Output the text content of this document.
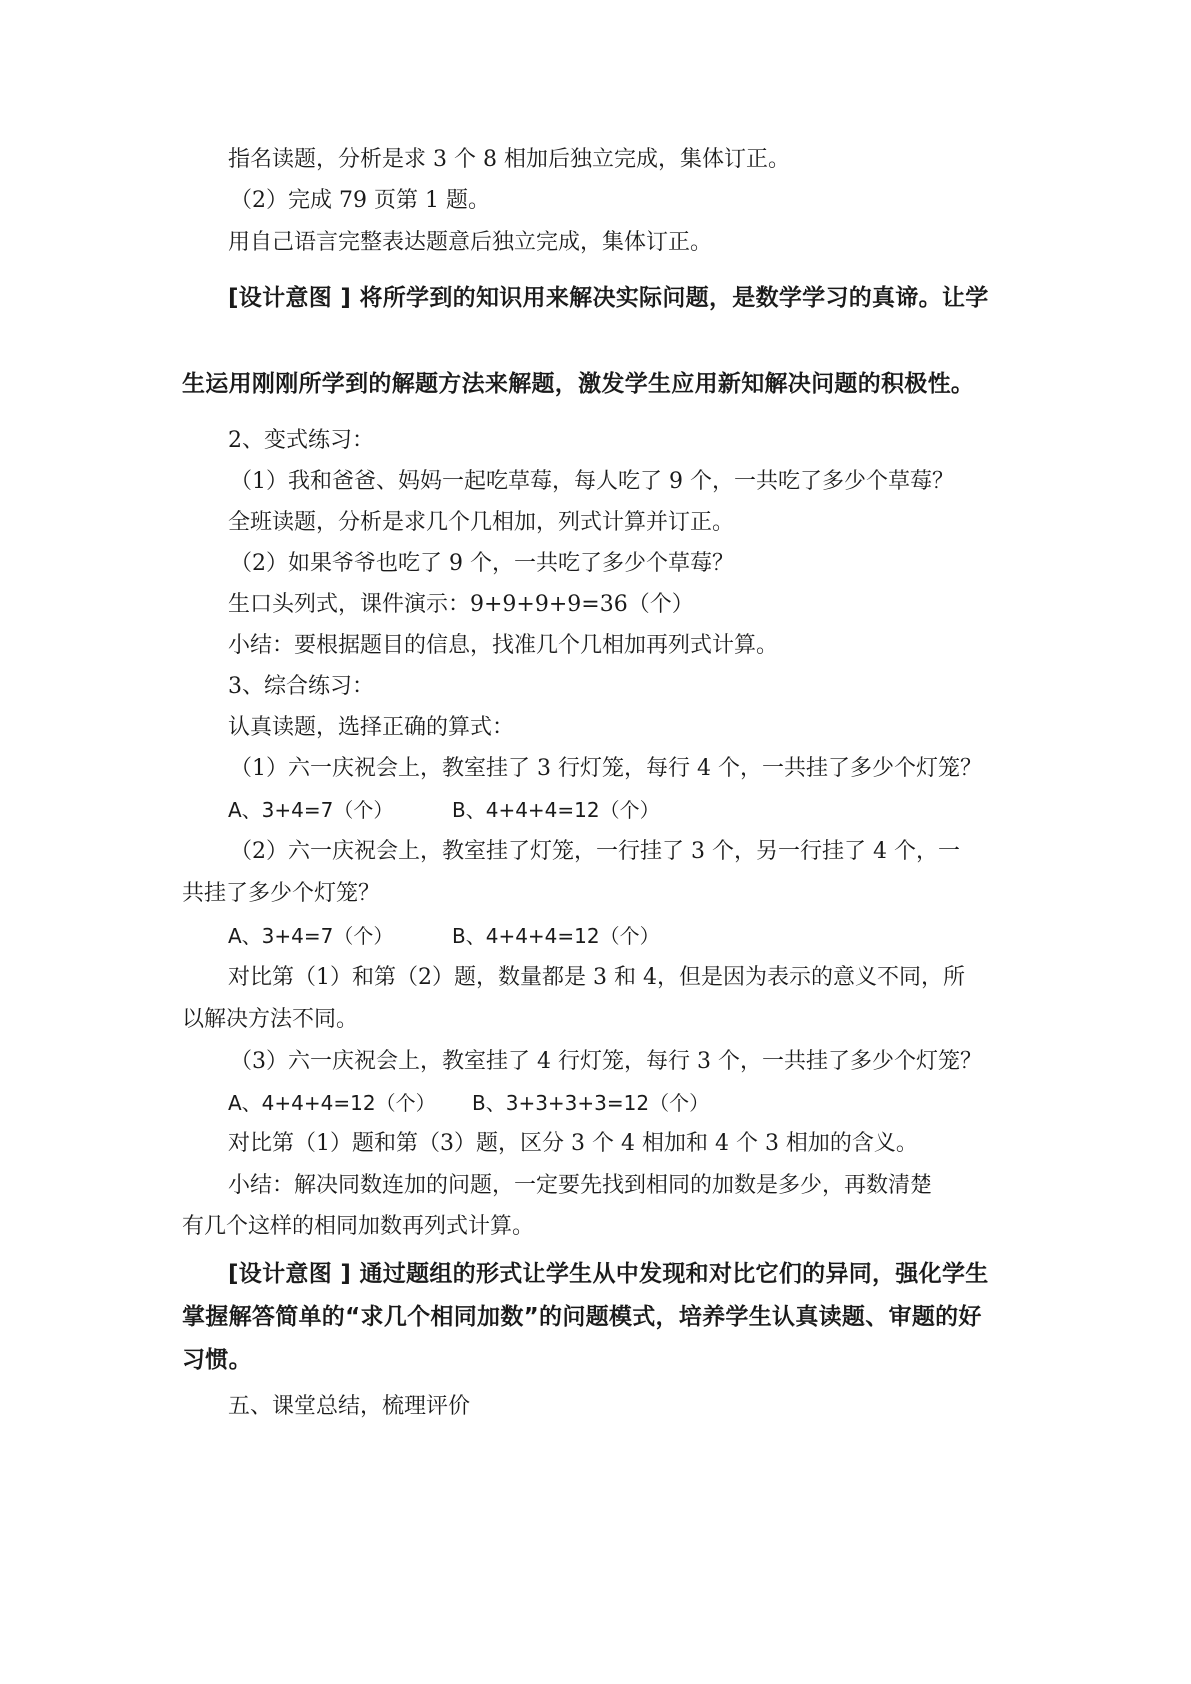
指名读题，分析是求 3 个 8 相加后独立完成，集体订正。
（2）完成 79 页第 1 题。
用自己语言完整表达题意后独立完成，集体订正。
[设计意图 ] 将所学到的知识用来解决实际问题，是数学学习的真谛。让学
生运用刚刚所学到的解题方法来解题，激发学生应用新知解决问题的积极性。
2、变式练习：
（1）我和爸爸、妈妈一起吃草莓，每人吃了 9 个，一共吃了多少个草莓？
全班读题，分析是求几个几相加，列式计算并订正。
（2）如果爷爷也吃了 9 个，一共吃了多少个草莓？
生口头列式，课件演示：9+9+9+9=36（个）
小结：要根据题目的信息，找准几个几相加再列式计算。
3、综合练习：
认真读题，选择正确的算式：
（1）六一庆祝会上，教室挂了 3 行灯笼，每行 4 个，一共挂了多少个灯笼？
A、3+4=7（个）	B、4+4+4=12（个）
（2）六一庆祝会上，教室挂了灯笼，一行挂了 3 个，另一行挂了 4 个，一
共挂了多少个灯笼？
A、3+4=7（个）	B、4+4+4=12（个）
对比第（1）和第（2）题，数量都是 3 和 4，但是因为表示的意义不同，所
以解决方法不同。
（3）六一庆祝会上，教室挂了 4 行灯笼，每行 3 个，一共挂了多少个灯笼？
A、4+4+4=12（个） B、3+3+3+3=12（个）
对比第（1）题和第（3）题，区分 3 个 4 相加和 4 个 3 相加的含义。
小结：解决同数连加的问题，一定要先找到相同的加数是多少，再数清楚
有几个这样的相同加数再列式计算。
[设计意图 ] 通过题组的形式让学生从中发现和对比它们的异同，强化学生
掌握解答简单的“求几个相同加数”的问题模式，培养学生认真读题、审题的好
习惯。
五、课堂总结，梳理评价
